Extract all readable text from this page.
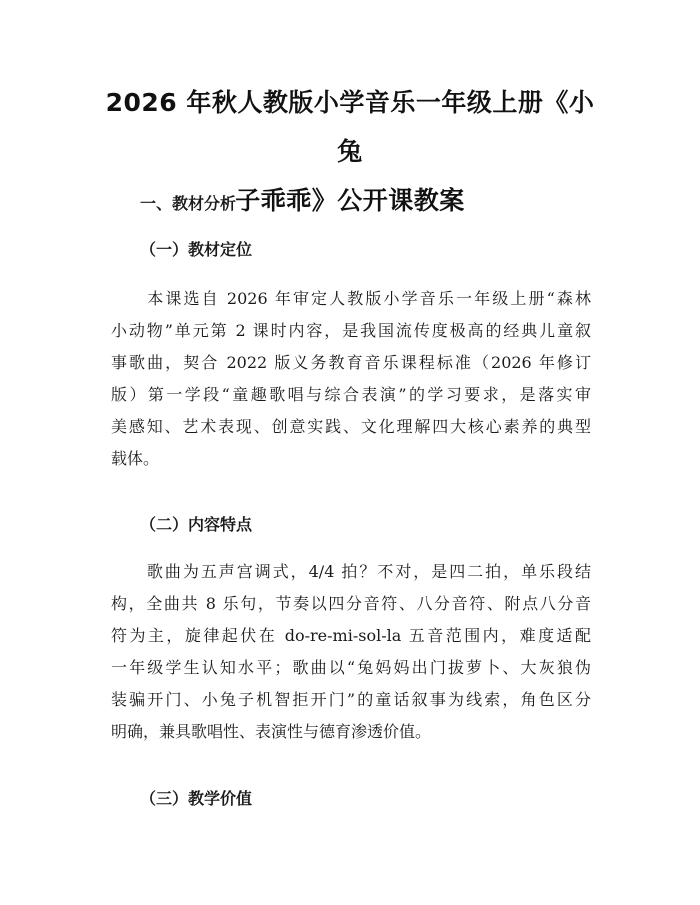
2026 年秋人教版小学音乐一年级上册《小兔
子乖乖》公开课教案
一、教材分析
（一）教材定位

　　本课选自 2026 年审定人教版小学音乐一年级上册“森林
小动物”单元第 2 课时内容，是我国流传度极高的经典儿童叙
事歌曲，契合 2022 版义务教育音乐课程标准（2026 年修订
版）第一学段“童趣歌唱与综合表演”的学习要求，是落实审
美感知、艺术表现、创意实践、文化理解四大核心素养的典型
载体。

（二）内容特点

　　歌曲为五声宫调式，4/4 拍？不对，是四二拍，单乐段结
构，全曲共 8 乐句，节奏以四分音符、八分音符、附点八分音
符为主，旋律起伏在 do-re-mi-sol-la 五音范围内，难度适配
一年级学生认知水平；歌曲以“兔妈妈出门拔萝卜、大灰狼伪
装骗开门、小兔子机智拒开门”的童话叙事为线索，角色区分
明确，兼具歌唱性、表演性与德育渗透价值。

（三）教学价值
